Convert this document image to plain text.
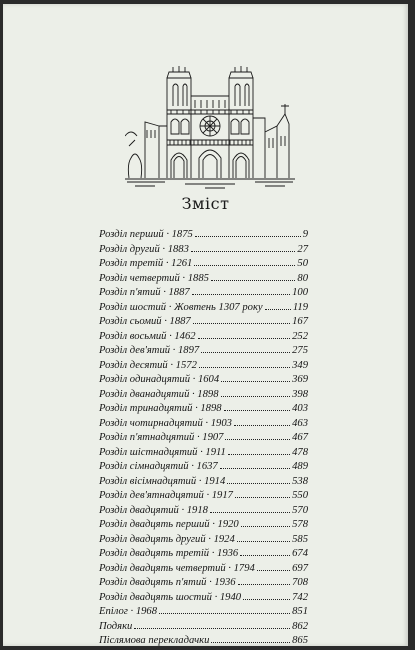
Зміст
Розділ перший · 1875	9
Розділ другий · 1883	27
Розділ третій · 1261	50
Розділ четвертий · 1885	80
Розділ п'ятий · 1887	100
Розділ шостий · Жовтень 1307 року	119
Розділ сьомий · 1887	167
Розділ восьмий · 1462	252
Розділ дев'ятий · 1897	275
Розділ десятий · 1572	349
Розділ одинадцятий · 1604	369
Розділ дванадцятий · 1898	398
Розділ тринадцятий · 1898	403
Розділ чотирнадцятий · 1903	463
Розділ п'ятнадцятий · 1907	467
Розділ шістнадцятий · 1911	478
Розділ сімнадцятий · 1637	489
Розділ вісімнадцятий · 1914	538
Розділ дев'ятнадцятий · 1917	550
Розділ двадцятий · 1918	570
Розділ двадцять перший · 1920	578
Розділ двадцять другий · 1924	585
Розділ двадцять третій · 1936	674
Розділ двадцять четвертий · 1794	697
Розділ двадцять п'ятий · 1936	708
Розділ двадцять шостий · 1940	742
Епілог · 1968	851
Подяки	862
Післямова перекладачки	865
